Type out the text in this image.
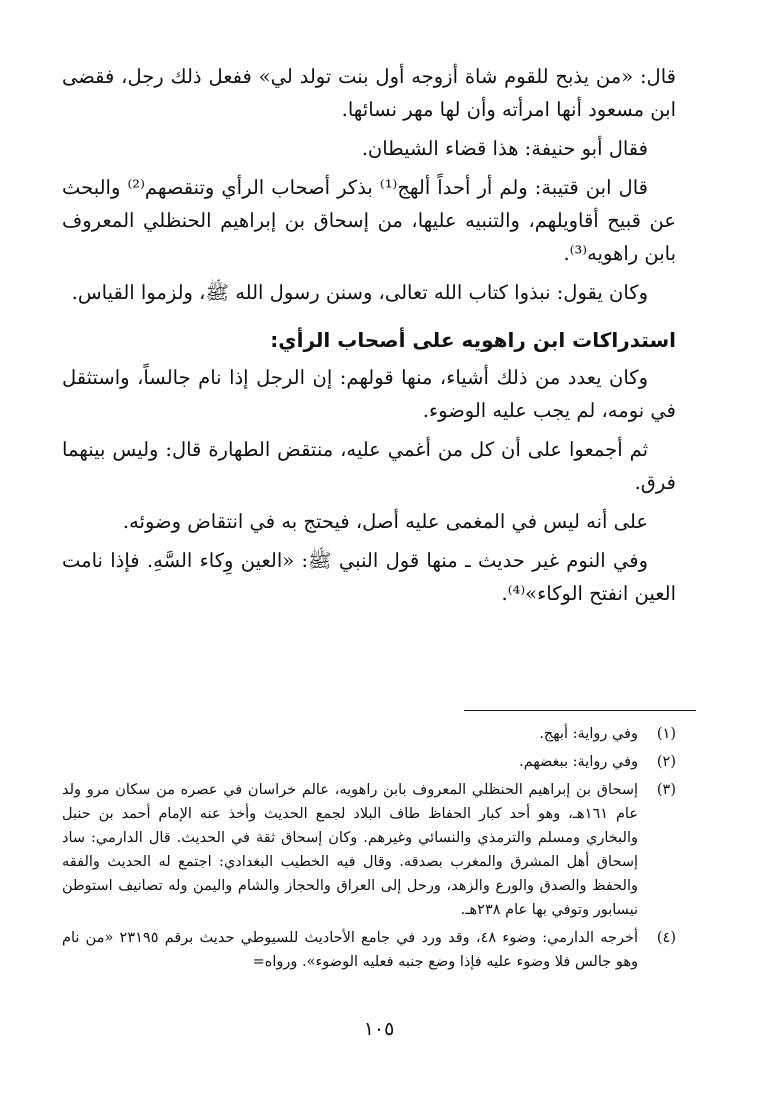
قال: «من يذبح للقوم شاة أزوجه أول بنت تولد لي» ففعل ذلك رجل، فقضى ابن مسعود أنها امرأته وأن لها مهر نسائها.

فقال أبو حنيفة: هذا قضاء الشيطان.

قال ابن قتيبة: ولم أر أحداً ألهج⁽¹⁾ بذكر أصحاب الرأي وتنقصهم⁽²⁾ والبحث عن قبيح أقاويلهم، والتنبيه عليها، من إسحاق بن إبراهيم الحنظلي المعروف بابن راهويه⁽³⁾.

وكان يقول: نبذوا كتاب الله تعالى، وسنن رسول الله ﷺ، ولزموا القياس.

استدراكات ابن راهويه على أصحاب الرأي:

وكان يعدد من ذلك أشياء، منها قولهم: إن الرجل إذا نام جالساً، واستثقل في نومه، لم يجب عليه الوضوء.

ثم أجمعوا على أن كل من أغمي عليه، منتقض الطهارة قال: وليس بينهما فرق.

على أنه ليس في المغمى عليه أصل، فيحتج به في انتقاض وضوئه.

وفي النوم غير حديث ـ منها قول النبي ﷺ: «العين وِكاء السَّهِ. فإذا نامت العين انفتح الوكاء»⁽⁴⁾.

(١)
وفي رواية: أبهج.
(٢)
وفي رواية: ببغضهم.
(٣)
إسحاق بن إبراهيم الحنظلي المعروف بابن راهويه، عالم خراسان في عصره من سكان مرو ولد عام ١٦١هـ، وهو أحد كبار الحفاظ طاف البلاد لجمع الحديث وأخذ عنه الإمام أحمد بن حنبل والبخاري ومسلم والترمذي والنسائي وغيرهم. وكان إسحاق ثقة في الحديث. قال الدارمي: ساد إسحاق أهل المشرق والمغرب بصدقه. وقال فيه الخطيب البغدادي: اجتمع له الحديث والفقه والحفظ والصدق والورع والزهد، ورحل إلى العراق والحجاز والشام واليمن وله تصانيف استوطن نيسابور وتوفي بها عام ٢٣٨هـ.
(٤)
أخرجه الدارمي: وضوء ٤٨، وقد ورد في جامع الأحاديث للسيوطي حديث برقم ٢٣١٩٥ «من نام وهو جالس فلا وضوء عليه فإذا وضع جنبه فعليه الوضوء». ورواه=
١٠٥
